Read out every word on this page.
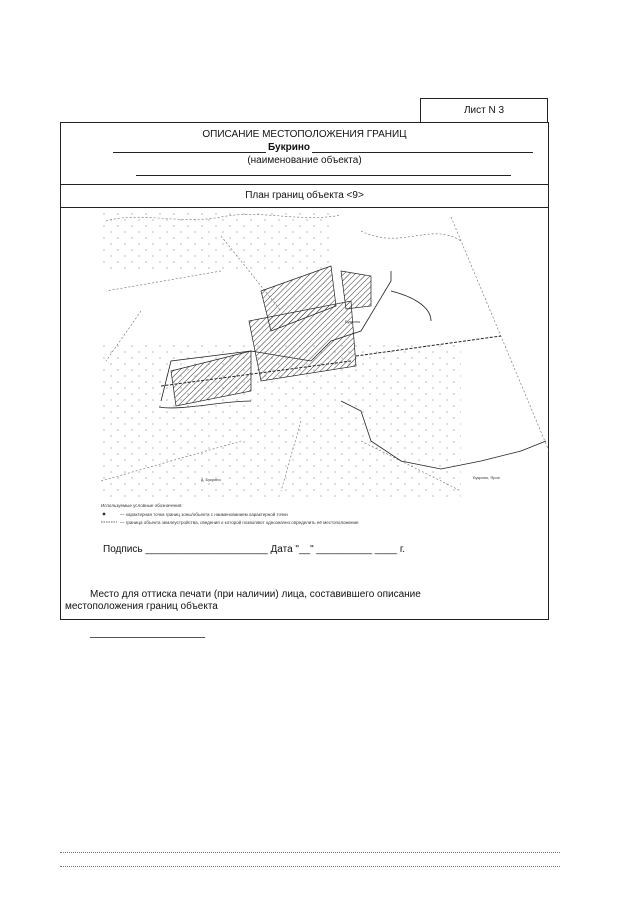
Лист N 3
ОПИСАНИЕ МЕСТОПОЛОЖЕНИЯ ГРАНИЦ
Букрино
(наименование объекта)
План границ объекта <9>
Букрино
д. Букрино	Букрино, Ярое
Используемые условные обозначения:
— характерная точка границ зоны/объекта с наименованием характерной точки
— граница объекта землеустройства, сведения о которой позволяют однозначно определить её местоположение
Подпись ______________________ Дата "__" __________ ____ г.
Место для оттиска печати (при наличии) лица, составившего описание
местоположения границ объекта
